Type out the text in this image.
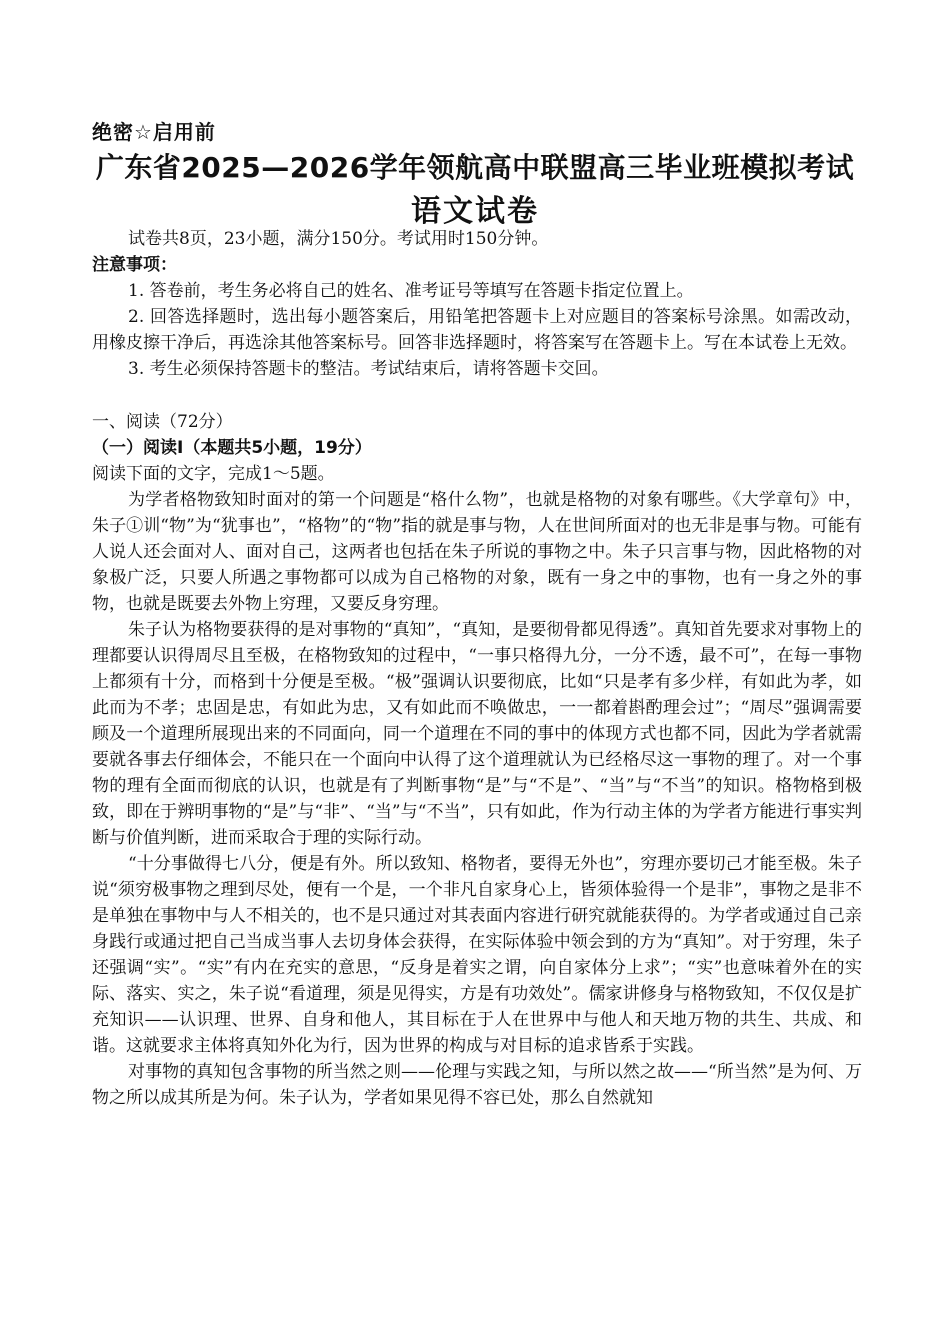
绝密☆启用前
广东省2025—2026学年领航高中联盟高三毕业班模拟考试
语文试卷

试卷共8页，23小题，满分150分。考试用时150分钟。

注意事项：

1. 答卷前，考生务必将自己的姓名、准考证号等填写在答题卡指定位置上。

2. 回答选择题时，选出每小题答案后，用铅笔把答题卡上对应题目的答案标号涂黑。如需改动，用橡皮擦干净后，再选涂其他答案标号。回答非选择题时，将答案写在答题卡上。写在本试卷上无效。

3. 考生必须保持答题卡的整洁。考试结束后，请将答题卡交回。

一、阅读（72分）

（一）阅读Ⅰ（本题共5小题，19分）

阅读下面的文字，完成1～5题。

为学者格物致知时面对的第一个问题是“格什么物”，也就是格物的对象有哪些。《大学章句》中，朱子①训“物”为“犹事也”，“格物”的“物”指的就是事与物，人在世间所面对的也无非是事与物。可能有人说人还会面对人、面对自己，这两者也包括在朱子所说的事物之中。朱子只言事与物，因此格物的对象极广泛，只要人所遇之事物都可以成为自己格物的对象，既有一身之中的事物，也有一身之外的事物，也就是既要去外物上穷理，又要反身穷理。

朱子认为格物要获得的是对事物的“真知”，“真知，是要彻骨都见得透”。真知首先要求对事物上的理都要认识得周尽且至极，在格物致知的过程中，“一事只格得九分，一分不透，最不可”，在每一事物上都须有十分，而格到十分便是至极。“极”强调认识要彻底，比如“只是孝有多少样，有如此为孝，如此而为不孝；忠固是忠，有如此为忠，又有如此而不唤做忠，一一都着斟酌理会过”；“周尽”强调需要顾及一个道理所展现出来的不同面向，同一个道理在不同的事中的体现方式也都不同，因此为学者就需要就各事去仔细体会，不能只在一个面向中认得了这个道理就认为已经格尽这一事物的理了。对一个事物的理有全面而彻底的认识，也就是有了判断事物“是”与“不是”、“当”与“不当”的知识。格物格到极致，即在于辨明事物的“是”与“非”、“当”与“不当”，只有如此，作为行动主体的为学者方能进行事实判断与价值判断，进而采取合于理的实际行动。

“十分事做得七八分，便是有外。所以致知、格物者，要得无外也”，穷理亦要切己才能至极。朱子说“须穷极事物之理到尽处，便有一个是，一个非凡自家身心上，皆须体验得一个是非”，事物之是非不是单独在事物中与人不相关的，也不是只通过对其表面内容进行研究就能获得的。为学者或通过自己亲身践行或通过把自己当成当事人去切身体会获得，在实际体验中领会到的方为“真知”。对于穷理，朱子还强调“实”。“实”有内在充实的意思，“反身是着实之谓，向自家体分上求”；“实”也意味着外在的实际、落实、实之，朱子说“看道理，须是见得实，方是有功效处”。儒家讲修身与格物致知，不仅仅是扩充知识——认识理、世界、自身和他人，其目标在于人在世界中与他人和天地万物的共生、共成、和谐。这就要求主体将真知外化为行，因为世界的构成与对目标的追求皆系于实践。

对事物的真知包含事物的所当然之则——伦理与实践之知，与所以然之故——“所当然”是为何、万物之所以成其所是为何。朱子认为，学者如果见得不容已处，那么自然就知
